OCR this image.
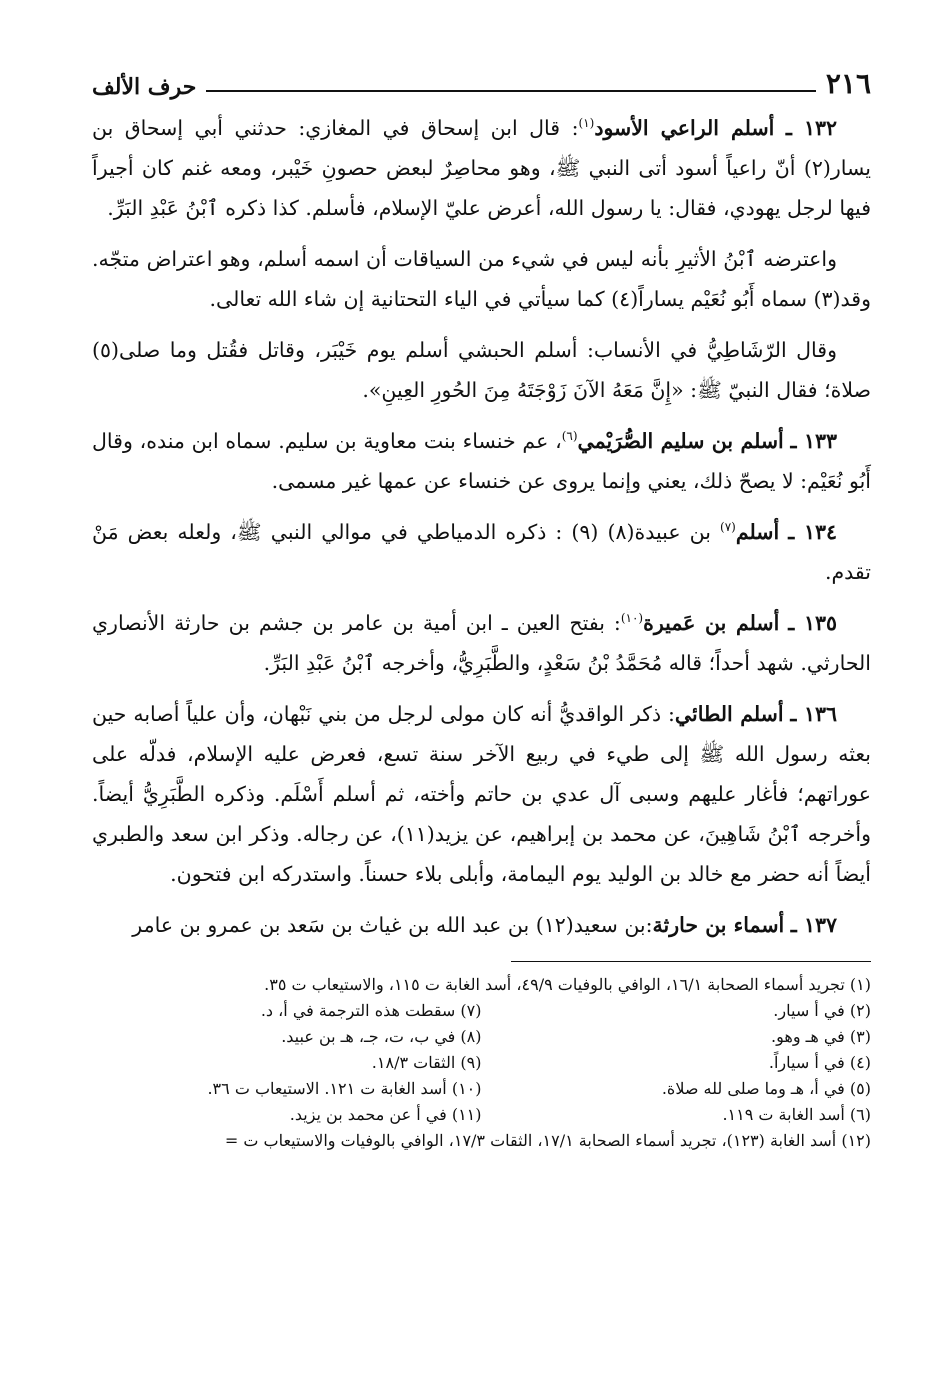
٢١٦
حرف الألف

١٣٢ ـ أسلم الراعي الأسود$^{(١)}$: قال ابن إسحاق في المغازي: حدثني أبي إسحاق بن يسار(٢) أنّ راعياً أسود أتى النبي ﷺ، وهو محاصِرٌ لبعض حصونِ خَيْبر، ومعه غنم كان أجيراً فيها لرجل يهودي، فقال: يا رسول الله، أعرض عليّ الإسلام، فأسلم. كذا ذكره ٱبْنُ عَبْدِ البَرِّ.

واعترضه ٱبْنُ الأثيرِ بأنه ليس في شيء من السياقات أن اسمه أسلم، وهو اعتراض متجّه. وقد(٣) سماه أَبُو نُعَيْم يساراً(٤) كما سيأتي في الياء التحتانية إن شاء الله تعالى.

وقال الرّشَاطِيُّ في الأنساب: أسلم الحبشي أسلم يوم خَيْبَر، وقاتل فقُتل وما صلى(٥) صلاة؛ فقال النبيّ ﷺ: «إِنَّ مَعَهُ الآنَ زَوْجَتَهُ مِنَ الحُورِ العِينِ».

١٣٣ ـ أسلم بن سليم الصُّرَيْمي$^{(٦)}$، عم خنساء بنت معاوية بن سليم. سماه ابن منده، وقال أَبُو نُعَيْم: لا يصحّ ذلك، يعني وإنما يروى عن خنساء عن عمها غير مسمى.

١٣٤ ـ أسلم$^{(٧)}$ بن عبيدة(٨) (٩) : ذكره الدمياطي في موالي النبي ﷺ، ولعله بعض مَنْ تقدم.

١٣٥ ـ أسلم بن عَميرة$^{(١٠)}$: بفتح العين ـ ابن أمية بن عامر بن جشم بن حارثة الأنصاري الحارثي. شهد أحداً؛ قاله مُحَمَّدُ بْنُ سَعْدٍ، والطَّبَرِيُّ، وأخرجه ٱبْنُ عَبْدِ البَرِّ.

١٣٦ ـ أسلم الطائي: ذكر الواقديُّ أنه كان مولى لرجل من بني نَبْهان، وأن علياً أصابه حين بعثه رسول الله ﷺ إلى طيء في ربيع الآخر سنة تسع، فعرض عليه الإسلام، فدلّه على عوراتهم؛ فأغار عليهم وسبى آل عدي بن حاتم وأخته، ثم أسلم أَسْلَم. وذكره الطَّبَرِيُّ أيضاً. وأخرجه ٱبْنُ شَاهِينَ، عن محمد بن إبراهيم، عن يزيد(١١)، عن رجاله. وذكر ابن سعد والطبري أيضاً أنه حضر مع خالد بن الوليد يوم اليمامة، وأبلى بلاء حسناً. واستدركه ابن فتحون.

١٣٧ ـ أسماء بن حارثة:بن سعيد(١٢) بن عبد الله بن غياث بن سَعد بن عمرو بن عامر

(١) تجريد أسماء الصحابة ١٦/١، الوافي بالوفيات ٤٩/٩، أسد الغابة ت ١١٥، والاستيعاب ت ٣٥.
(٢) في أ سيار.
(٧) سقطت هذه الترجمة في أ، د.
(٣) في هـ وهو.
(٨) في ب، ت، جـ، هـ بن عبيد.
(٤) في أ سياراً.
(٩) الثقات ١٨/٣.
(٥) في أ، هـ وما صلى لله صلاة.
(١٠) أسد الغابة ت ١٢١. الاستيعاب ت ٣٦.
(٦) أسد الغابة ت ١١٩.
(١١) في أ عن محمد بن يزيد.
(١٢) أسد الغابة (١٢٣)، تجريد أسماء الصحابة ١٧/١، الثقات ١٧/٣، الوافي بالوفيات والاستيعاب ت =
